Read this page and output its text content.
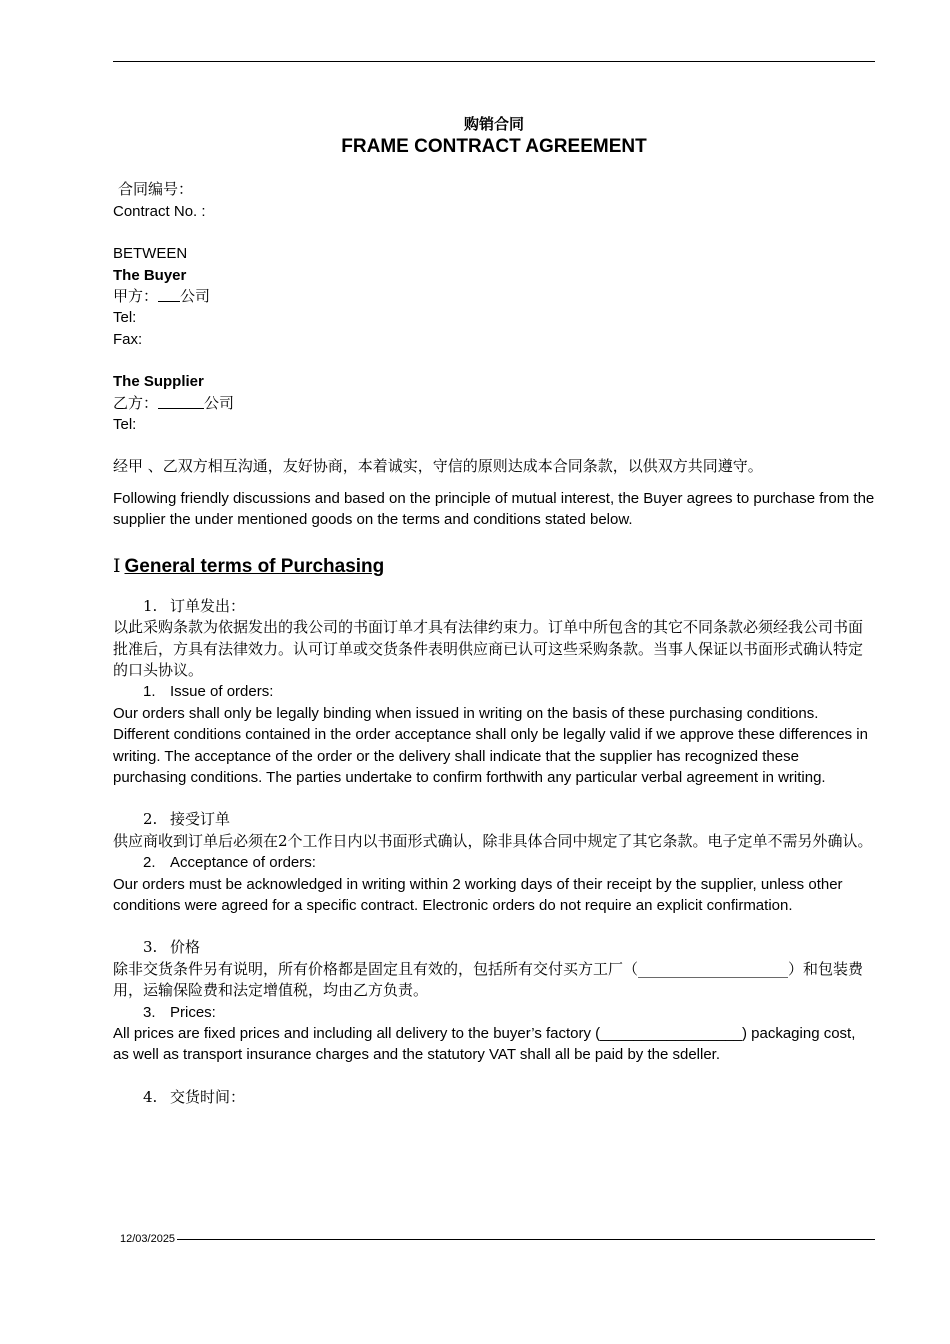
购销合同
FRAME CONTRACT AGREEMENT
合同编号：
Contract No. :
BETWEEN
The Buyer
甲方： 公司
Tel:
Fax:
The Supplier
乙方：	公司
Tel:
经甲 、乙双方相互沟通，友好协商，本着诚实，守信的原则达成本合同条款，以供双方共同遵守。
Following friendly discussions and based on the principle of mutual interest, the Buyer agrees to purchase from the supplier the under mentioned goods on the terms and conditions stated below.
Ⅰ General terms of Purchasing
1. 订单发出：
以此采购条款为依据发出的我公司的书面订单才具有法律约束力。订单中所包含的其它不同条款必须经我公司书面批准后，方具有法律效力。认可订单或交货条件表明供应商已认可这些采购条款。当事人保证以书面形式确认特定的口头协议。
1. Issue of orders:
Our orders shall only be legally binding when issued in writing on the basis of these purchasing conditions. Different conditions contained in the order acceptance shall only be legally valid if we approve these differences in writing. The acceptance of the order or the delivery shall indicate that the supplier has recognized these purchasing conditions. The parties undertake to confirm forthwith any particular verbal agreement in writing.
2. 接受订单
供应商收到订单后必须在2个工作日内以书面形式确认，除非具体合同中规定了其它条款。电子定单不需另外确认。
2. Acceptance of orders:
Our orders must be acknowledged in writing within 2 working days of their receipt by the supplier, unless other conditions were agreed for a specific contract. Electronic orders do not require an explicit confirmation.
3. 价格
除非交货条件另有说明，所有价格都是固定且有效的，包括所有交付买方工厂（____________________）和包装费用，运输保险费和法定增值税，均由乙方负责。
3. Prices:
All prices are fixed prices and including all delivery to the buyer’s factory (_________________) packaging cost, as well as transport insurance charges and the statutory VAT shall all be paid by the sdeller.
4. 交货时间：
12/03/2025
